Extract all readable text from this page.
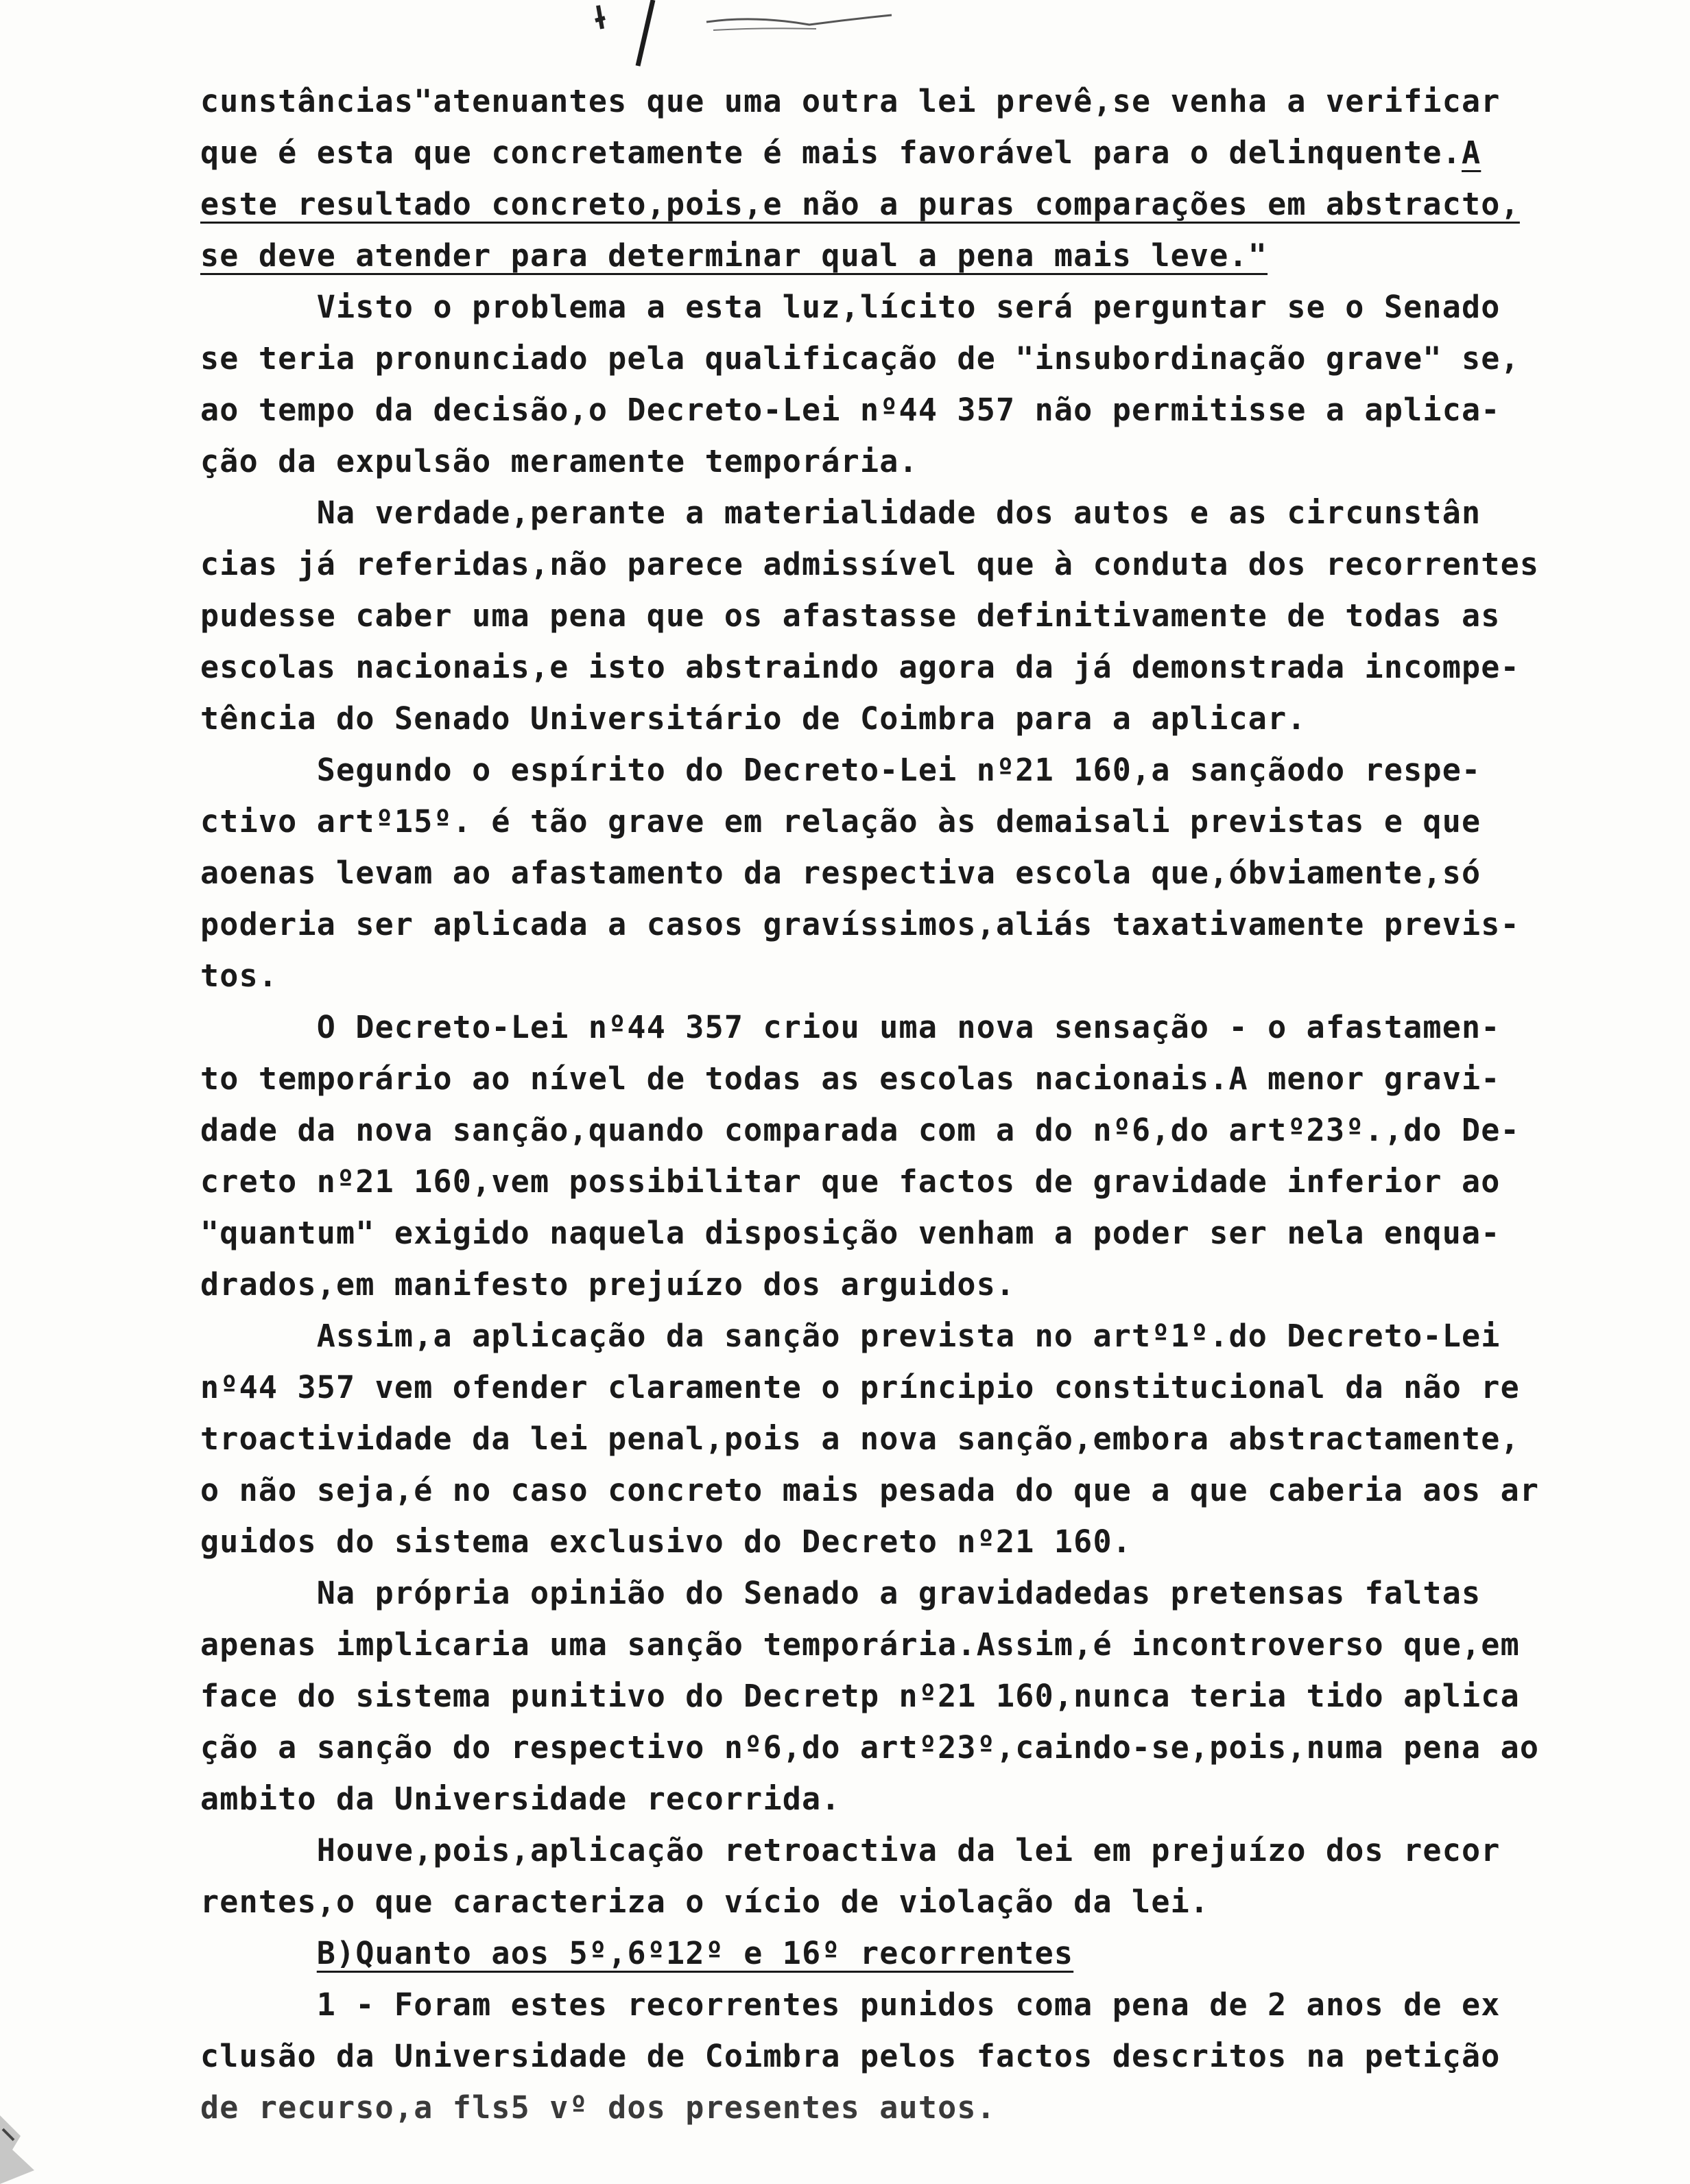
cunstâncias"atenuantes que uma outra lei prevê,se venha a verificar
que é esta que concretamente é mais favorável para o delinquente.A
este resultado concreto,pois,e não a puras comparações em abstracto,
se deve atender para determinar qual a pena mais leve."
Visto o problema a esta luz,lícito será perguntar se o Senado
se teria pronunciado pela qualificação de "insubordinação grave" se,
ao tempo da decisão,o Decreto-Lei nº44 357 não permitisse a aplica-
ção da expulsão meramente temporária.
Na verdade,perante a materialidade dos autos e as circunstân
cias já referidas,não parece admissível que à conduta dos recorrentes
pudesse caber uma pena que os afastasse definitivamente de todas as
escolas nacionais,e isto abstraindo agora da já demonstrada incompe-
tência do Senado Universitário de Coimbra para a aplicar.
Segundo o espírito do Decreto-Lei nº21 160,a sançãodo respe-
ctivo artº15º. é tão grave em relação às demaisali previstas e que
aoenas levam ao afastamento da respectiva escola que,óbviamente,só
poderia ser aplicada a casos gravíssimos,aliás taxativamente previs-
tos.
O Decreto-Lei nº44 357 criou uma nova sensação - o afastamen-
to temporário ao nível de todas as escolas nacionais.A menor gravi-
dade da nova sanção,quando comparada com a do nº6,do artº23º.,do De-
creto nº21 160,vem possibilitar que factos de gravidade inferior ao
"quantum" exigido naquela disposição venham a poder ser nela enqua-
drados,em manifesto prejuízo dos arguidos.
Assim,a aplicação da sanção prevista no artº1º.do Decreto-Lei
nº44 357 vem ofender claramente o príncipio constitucional da não re
troactividade da lei penal,pois a nova sanção,embora abstractamente,
o não seja,é no caso concreto mais pesada do que a que caberia aos ar
guidos do sistema exclusivo do Decreto nº21 160.
Na própria opinião do Senado a gravidadedas pretensas faltas
apenas implicaria uma sanção temporária.Assim,é incontroverso que,em
face do sistema punitivo do Decretp nº21 160,nunca teria tido aplica
ção a sanção do respectivo nº6,do artº23º,caindo-se,pois,numa pena ao
ambito da Universidade recorrida.
Houve,pois,aplicação retroactiva da lei em prejuízo dos recor
rentes,o que caracteriza o vício de violação da lei.
B)Quanto aos 5º,6º12º e 16º recorrentes
1 - Foram estes recorrentes punidos coma pena de 2 anos de ex
clusão da Universidade de Coimbra pelos factos descritos na petição
de recurso,a fls5 vº dos presentes autos.
